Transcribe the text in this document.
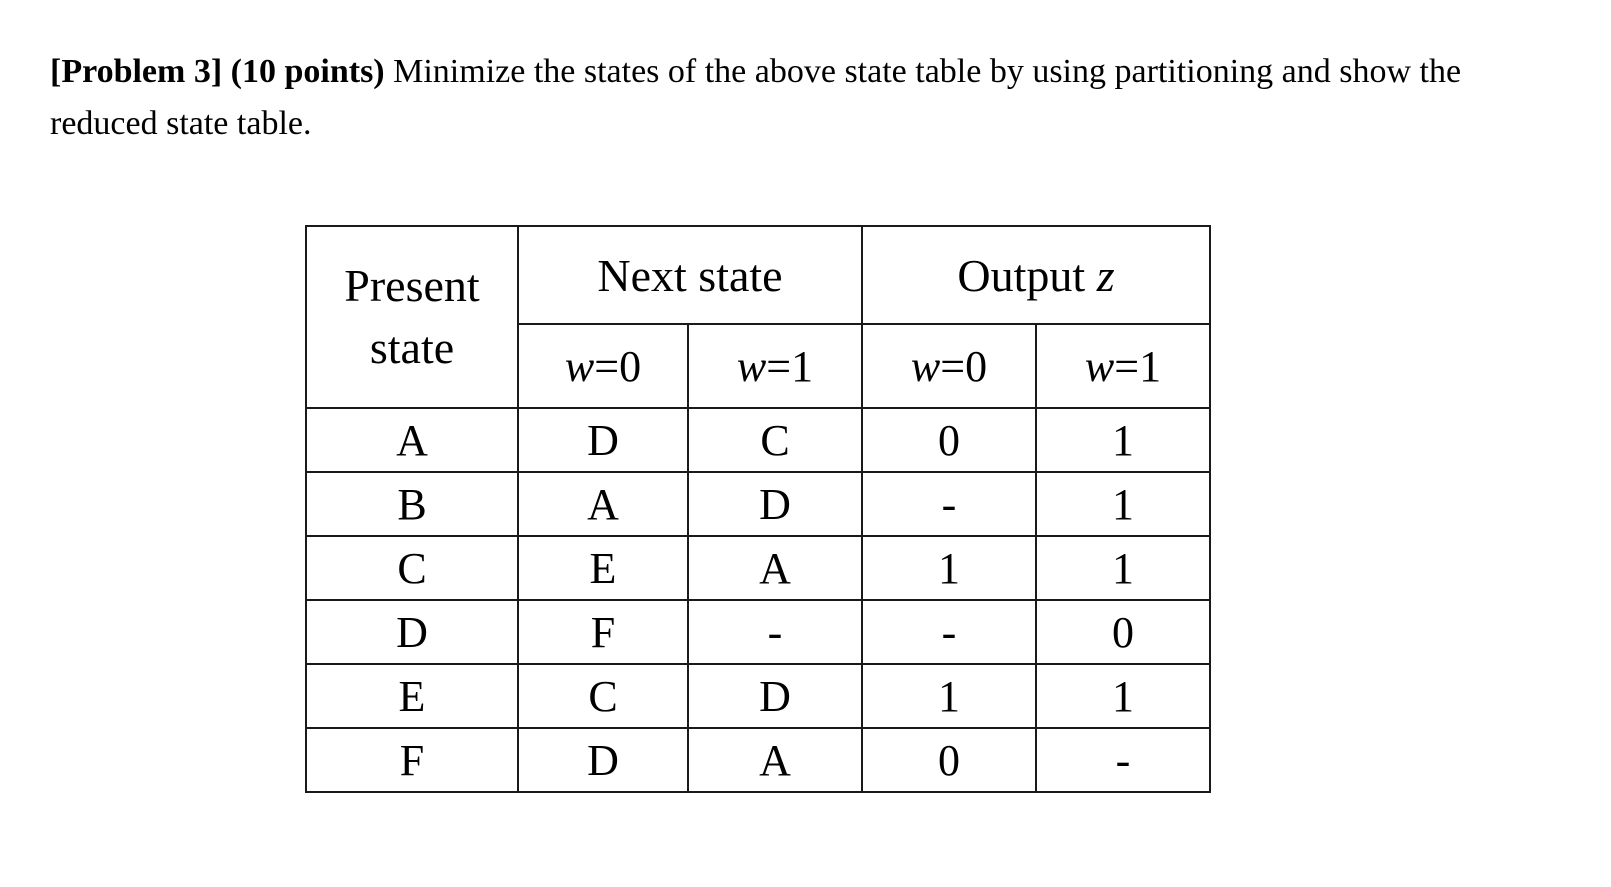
[Problem 3] (10 points) Minimize the states of the above state table by using partitioning and show the reduced state table.

Present
state	Next state		Output z	
	w=0	w=1	w=0	w=1
A	D	C	0	1
B	A	D	-	1
C	E	A	1	1
D	F	-	-	0
E	C	D	1	1
F	D	A	0	-
